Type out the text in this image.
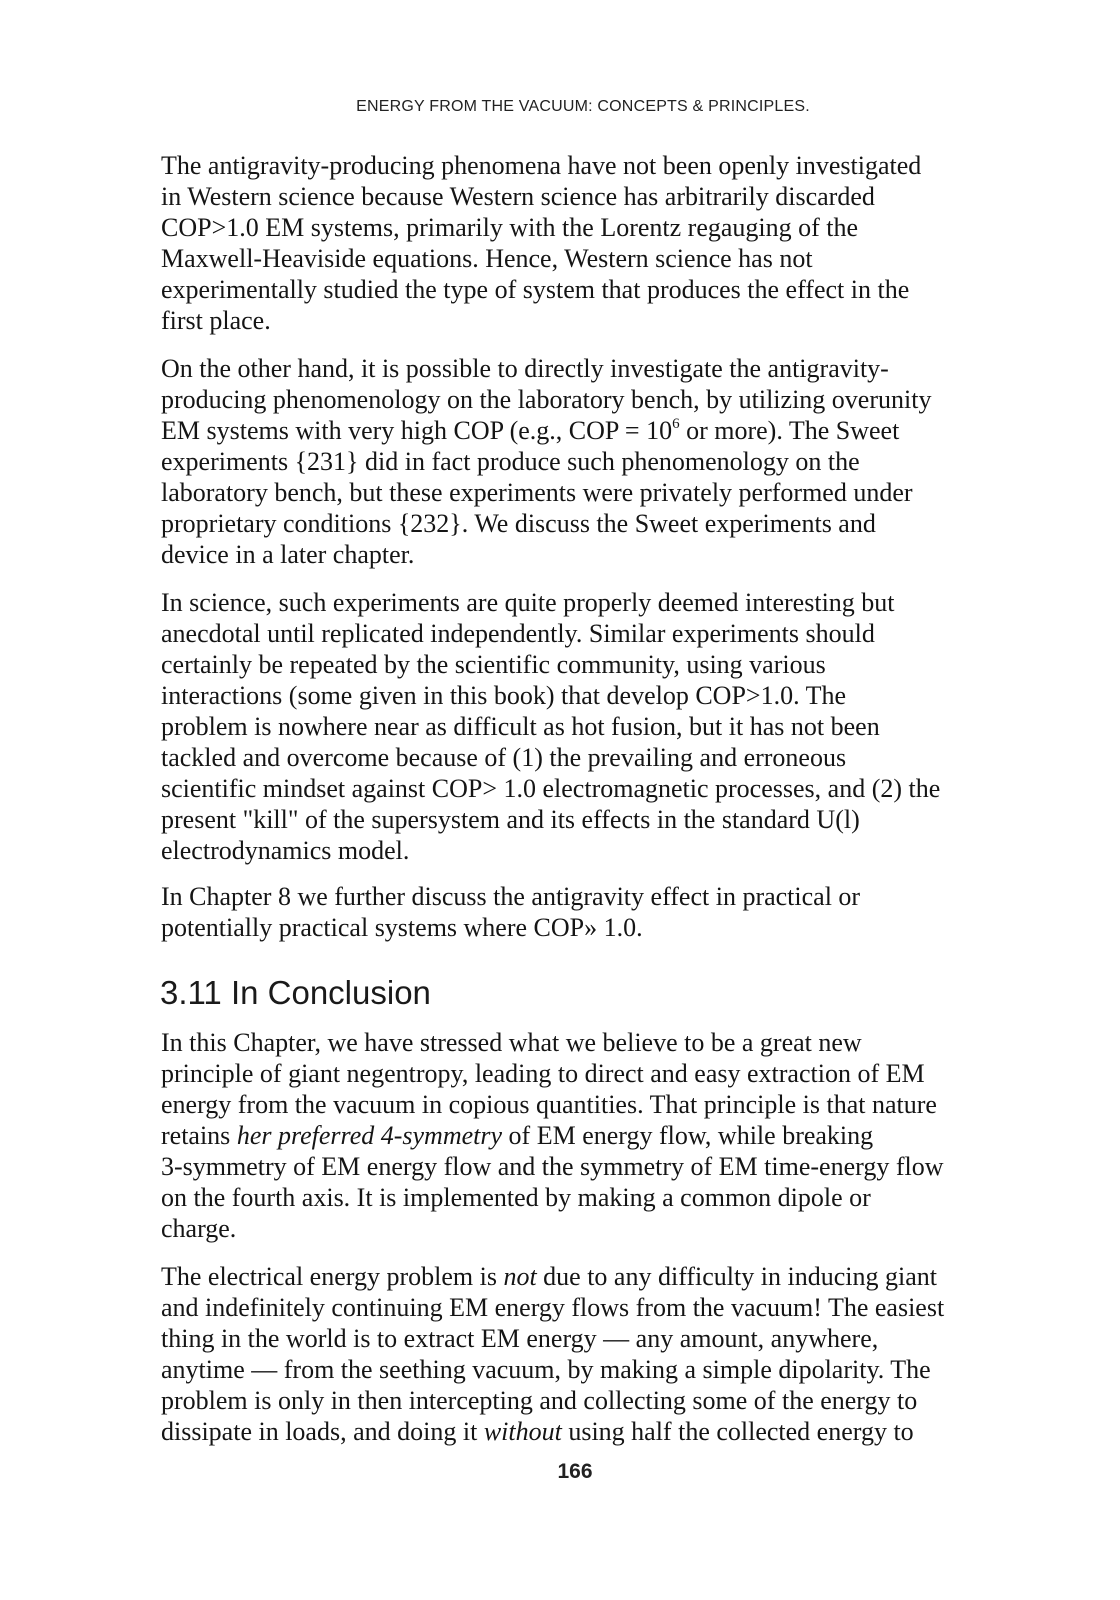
ENERGY FROM THE VACUUM: CONCEPTS & PRINCIPLES.

The antigravity-producing phenomena have not been openly investigated
in Western science because Western science has arbitrarily discarded
COP>1.0 EM systems, primarily with the Lorentz regauging of the
Maxwell-Heaviside equations. Hence, Western science has not
experimentally studied the type of system that produces the effect in the
first place.

On the other hand, it is possible to directly investigate the antigravity-
producing phenomenology on the laboratory bench, by utilizing overunity
EM systems with very high COP (e.g., COP = $10^6$ or more). The Sweet
experiments {231} did in fact produce such phenomenology on the
laboratory bench, but these experiments were privately performed under
proprietary conditions {232}. We discuss the Sweet experiments and
device in a later chapter.

In science, such experiments are quite properly deemed interesting but
anecdotal until replicated independently. Similar experiments should
certainly be repeated by the scientific community, using various
interactions (some given in this book) that develop COP>1.0. The
problem is nowhere near as difficult as hot fusion, but it has not been
tackled and overcome because of (1) the prevailing and erroneous
scientific mindset against COP> 1.0 electromagnetic processes, and (2) the
present "kill" of the supersystem and its effects in the standard U(l)
electrodynamics model.

In Chapter 8 we further discuss the antigravity effect in practical or
potentially practical systems where COP» 1.0.

3.11 In Conclusion

In this Chapter, we have stressed what we believe to be a great new
principle of giant negentropy, leading to direct and easy extraction of EM
energy from the vacuum in copious quantities. That principle is that nature
retains her preferred 4-symmetry of EM energy flow, while breaking
3-symmetry of EM energy flow and the symmetry of EM time-energy flow
on the fourth axis. It is implemented by making a common dipole or
charge.

The electrical energy problem is not due to any difficulty in inducing giant
and indefinitely continuing EM energy flows from the vacuum! The easiest
thing in the world is to extract EM energy — any amount, anywhere,
anytime — from the seething vacuum, by making a simple dipolarity. The
problem is only in then intercepting and collecting some of the energy to
dissipate in loads, and doing it without using half the collected energy to

166
